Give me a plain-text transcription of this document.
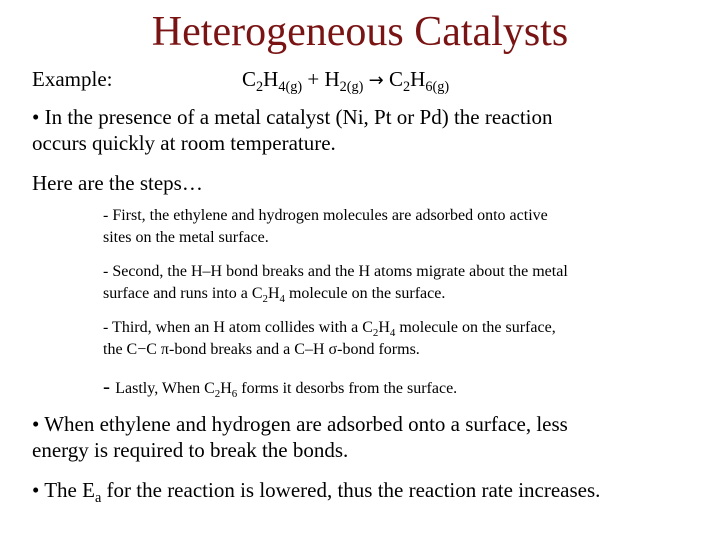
Heterogeneous Catalysts
Example:	$C_2H_{4(g)} + H_{2(g)} \to C_2H_{6(g)}$
• In the presence of a metal catalyst (Ni, Pt or Pd) the reaction
occurs quickly at room temperature.
Here are the steps…
- First, the ethylene and hydrogen molecules are adsorbed onto active
sites on the metal surface.
- Second, the H–H bond breaks and the H atoms migrate about the metal
surface and runs into a $C_2H_4$ molecule on the surface.
- Third, when an H atom collides with a $C_2H_4$ molecule on the surface,
the C−C π-bond breaks and a C–H σ-bond forms.
- Lastly, When $C_2H_6$ forms it desorbs from the surface.
• When ethylene and hydrogen are adsorbed onto a surface, less
energy is required to break the bonds.
• The $E_a$ for the reaction is lowered, thus the reaction rate increases.
